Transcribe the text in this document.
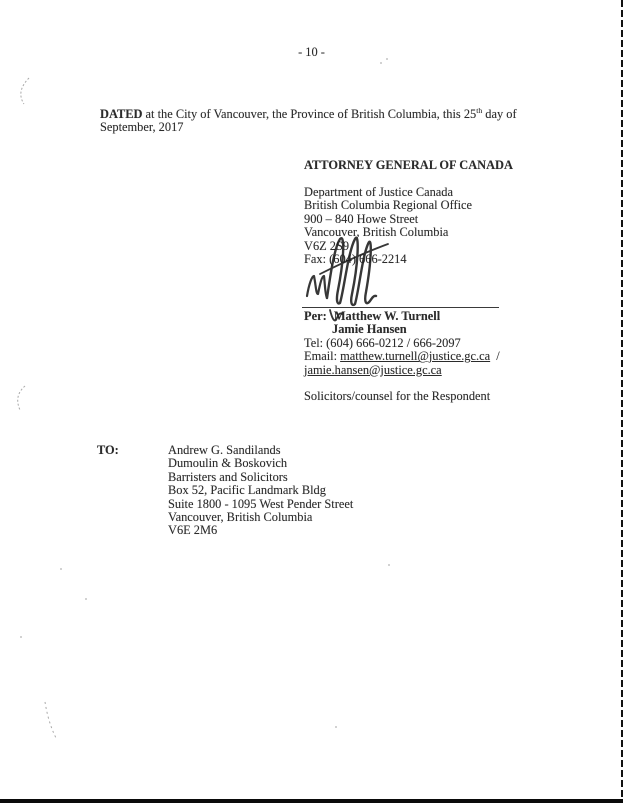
- 10 -
DATED at the City of Vancouver, the Province of British Columbia, this 25th day of
September, 2017
ATTORNEY GENERAL OF CANADA
Department of Justice Canada
British Columbia Regional Office
900 – 840 Howe Street
Vancouver, British Columbia
V6Z 2S9
Fax: (604) 666-2214
Per: Matthew W. Turnell
Jamie Hansen
Tel: (604) 666-0212 / 666-2097
Email: matthew.turnell@justice.gc.ca /
jamie.hansen@justice.gc.ca
Solicitors/counsel for the Respondent
TO:	Andrew G. Sandilands
Dumoulin & Boskovich
Barristers and Solicitors
Box 52, Pacific Landmark Bldg
Suite 1800 - 1095 West Pender Street
Vancouver, British Columbia
V6E 2M6
